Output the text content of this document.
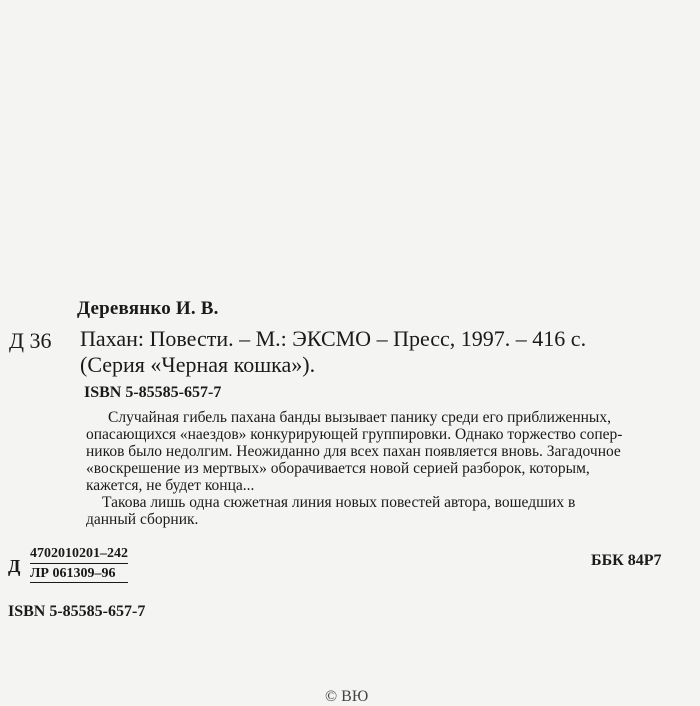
Деревянко И. В.
Д 36 Пахан: Повести. – М.: ЭКСМО – Пресс, 1997. – 416 с.
(Серия «Черная кошка»).
ISBN 5-85585-657-7

Случайная гибель пахана банды вызывает панику среди его приближенных,

опасающихся «наездов» конкурирующей группировки. Однако торжество сопер-

ников было недолгим. Неожиданно для всех пахан появляется вновь. Загадочное

«воскрешение из мертвых» оборачивается новой серией разборок, которым,

кажется, не будет конца...

Такова лишь одна сюжетная линия новых повестей автора, вошедших в

данный сборник.

Д
4702010201–242
ЛР 061309–96
ББК 84Р7
ISBN 5-85585-657-7
© ВЮ
